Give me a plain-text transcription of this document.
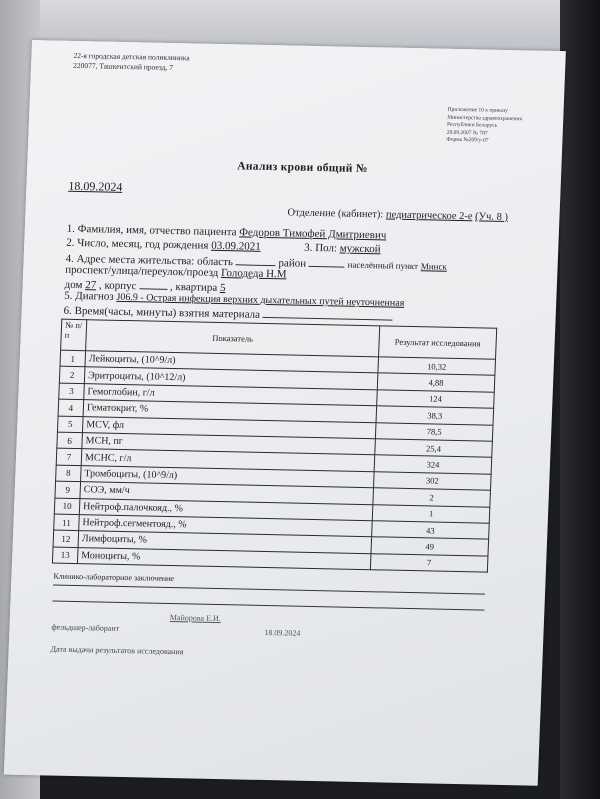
22-я городская детская поликлиника
220077, Ташкентский проезд, 7
Приложение 10 к приказу
Министерства здравоохранения
Республики Беларусь
28.09.2007 № 787
Форма №209/у-07
Анализ крови общий №
18.09.2024
Отделение (кабинет): педиатрическое 2-е (Уч. 8 )
1. Фамилия, имя, отчество пациента Федоров Тимофей Дмитриевич
2. Число, месяц, год рождения 03.09.2021	3. Пол: мужской
4. Адрес места жительства: область	район	населённый пункт Минск
проспект/улица/переулок/проезд Голодеда Н.М
дом 27 , корпус	, квартира 5
5. Диагноз J06.9 - Острая инфекция верхних дыхательных путей неуточненная
6. Время(часы, минуты) взятия материала
№ п/п	Показатель	Результат исследования
1	Лейкоциты, (10^9/л)	10,32
2	Эритроциты, (10^12/л)	4,88
3	Гемоглобин, г/л	124
4	Гематокрит, %	38,3
5	MCV, фл	78,5
6	MCH, пг	25,4
7	MCHC, г/л	324
8	Тромбоциты, (10^9/л)	302
9	СОЭ, мм/ч	2
10	Нейтроф.палочкояд., %	1
11	Нейтроф.сегментояд., %	43
12	Лимфоциты, %	49
13	Моноциты, %	7
Клинико-лабораторное заключение
Майорова Е.И.
фельдшер-лаборант	18.09.2024
Дата выдачи результатов исследования
